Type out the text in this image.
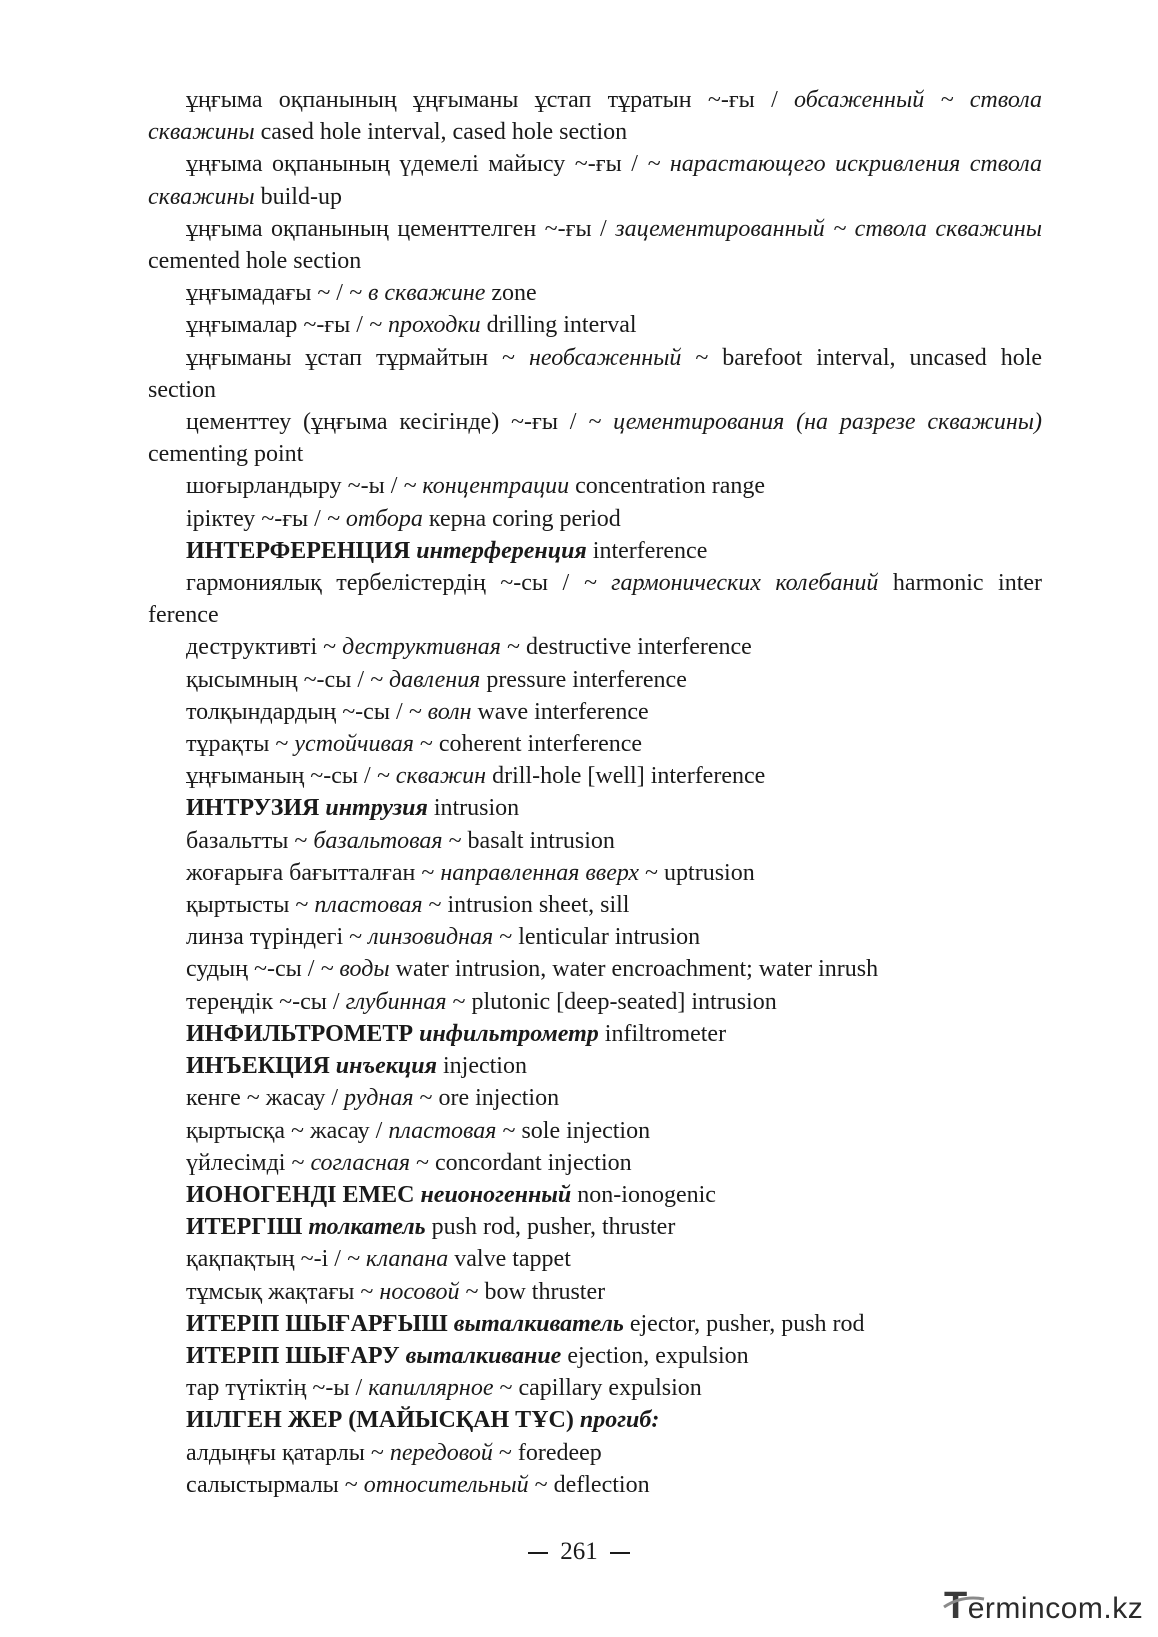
ұңғыма оқпанының ұңғыманы ұстап тұратын ~-ғы / обсаженный ~ ствола скважины cased hole interval, cased hole section

ұңғыма оқпанының үдемелі майысу ~-ғы / ~ нарастающего искривления ствола скважины build-up

ұңғыма оқпанының цементтелген ~-ғы / зацементированный ~ ствола скважины cemented hole section

ұңғымадағы ~ / ~ в скважине zone

ұңғымалар ~-ғы / ~ проходки drilling interval

ұңғыманы ұстап тұрмайтын ~ необсаженный ~ barefoot interval, uncased hole section

цементтеу (ұңғыма кесігінде) ~-ғы / ~ цементирования (на разрезе скважины) cementing point

шоғырландыру ~-ы / ~ концентрации concentration range

іріктеу ~-ғы / ~ отбора керна coring period

ИНТЕРФЕРЕНЦИЯ интерференция interference

гармониялық тербелістердің ~-сы / ~ гармонических колебаний harmonic inter ference

деструктивті ~ деструктивная ~ destructive interference

қысымның ~-сы / ~ давления pressure interference

толқындардың ~-сы / ~ волн wave interference

тұрақты ~ устойчивая ~ coherent interference

ұңғыманың ~-сы / ~ скважин drill-hole [well] interference

ИНТРУЗИЯ интрузия intrusion

базальтты ~ базальтовая ~ basalt intrusion

жоғарыға бағытталған ~ направленная вверх ~ uptrusion

қыртысты ~ пластовая ~ intrusion sheet, sill

линза түріндегі ~ линзовидная ~ lenticular intrusion

судың ~-сы / ~ воды water intrusion, water encroachment; water inrush

тереңдік ~-сы / глубинная ~ plutonic [deep-seated] intrusion

ИНФИЛЬТРОМЕТР инфильтрометр infiltrometer

ИНЪЕКЦИЯ инъекция injection

кенге ~ жасау / рудная ~ ore injection

қыртысқа ~ жасау / пластовая ~ sole injection

үйлесімді ~ согласная ~ concordant injection

ИОНОГЕНДІ ЕМЕС неионогенный non-ionogenic

ИТЕРГІШ толкатель push rod, pusher, thruster

қақпақтың ~-і / ~ клапана valve tappet

тұмсық жақтағы ~ носовой ~ bow thruster

ИТЕРІП ШЫҒАРҒЫШ выталкиватель ejector, pusher, push rod

ИТЕРІП ШЫҒАРУ выталкивание ejection, expulsion

тар түтіктің ~-ы / капиллярное ~ capillary expulsion

ИІЛГЕН ЖЕР (МАЙЫСҚАН ТҰС) прогиб:

алдыңғы қатарлы ~ передовой ~ foredeep

салыстырмалы ~ относительный ~ deflection

261
Termincom.kz
